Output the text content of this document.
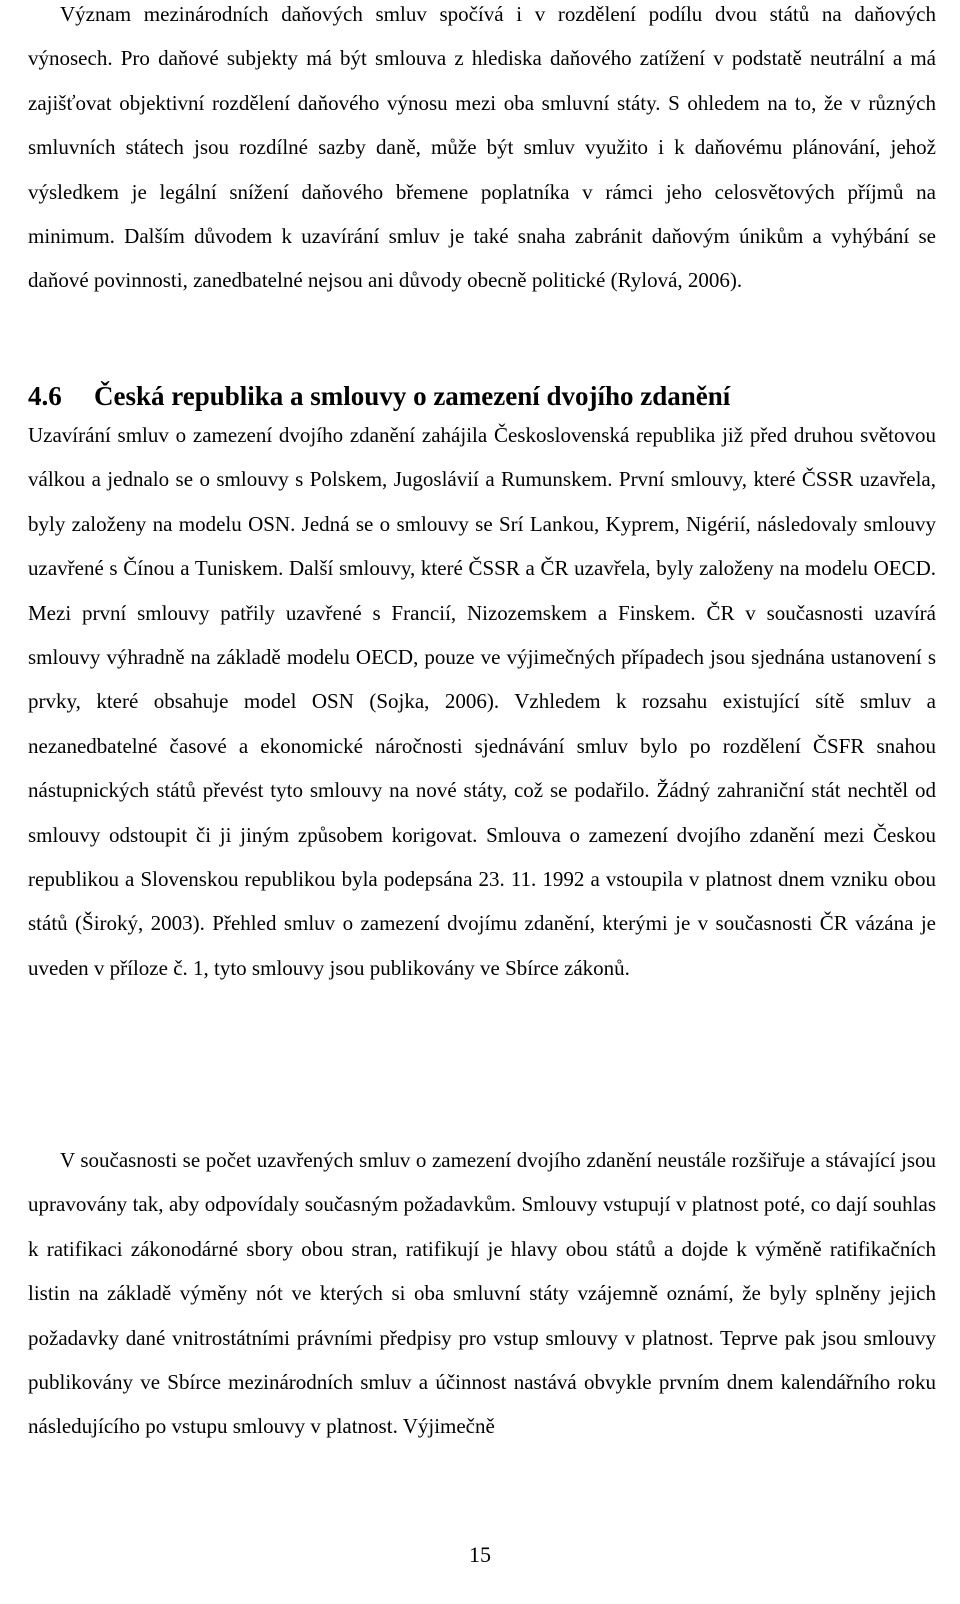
Význam mezinárodních daňových smluv spočívá i v rozdělení podílu dvou států na daňových výnosech. Pro daňové subjekty má být smlouva z hlediska daňového zatížení v podstatě neutrální a má zajišťovat objektivní rozdělení daňového výnosu mezi oba smluvní státy. S ohledem na to, že v různých smluvních státech jsou rozdílné sazby daně, může být smluv využito i k daňovému plánování, jehož výsledkem je legální snížení daňového břemene poplatníka v rámci jeho celosvětových příjmů na minimum. Dalším důvodem k uzavírání smluv je také snaha zabránit daňovým únikům a vyhýbání se daňové povinnosti, zanedbatelné nejsou ani důvody obecně politické (Rylová, 2006).

4.6 Česká republika a smlouvy o zamezení dvojího zdanění

Uzavírání smluv o zamezení dvojího zdanění zahájila Československá republika již před druhou světovou válkou a jednalo se o smlouvy s Polskem, Jugoslávií a Rumunskem. První smlouvy, které ČSSR uzavřela, byly založeny na modelu OSN. Jedná se o smlouvy se Srí Lankou, Kyprem, Nigérií, následovaly smlouvy uzavřené s Čínou a Tuniskem. Další smlouvy, které ČSSR a ČR uzavřela, byly založeny na modelu OECD. Mezi první smlouvy patřily uzavřené s Francií, Nizozemskem a Finskem. ČR v současnosti uzavírá smlouvy výhradně na základě modelu OECD, pouze ve výjimečných případech jsou sjednána ustanovení s prvky, které obsahuje model OSN (Sojka, 2006). Vzhledem k rozsahu existující sítě smluv a nezanedbatelné časové a ekonomické náročnosti sjednávání smluv bylo po rozdělení ČSFR snahou nástupnických států převést tyto smlouvy na nové státy, což se podařilo. Žádný zahraniční stát nechtěl od smlouvy odstoupit či ji jiným způsobem korigovat. Smlouva o zamezení dvojího zdanění mezi Českou republikou a Slovenskou republikou byla podepsána 23. 11. 1992 a vstoupila v platnost dnem vzniku obou států (Široký, 2003). Přehled smluv o zamezení dvojímu zdanění, kterými je v současnosti ČR vázána je uveden v příloze č. 1, tyto smlouvy jsou publikovány ve Sbírce zákonů.

V současnosti se počet uzavřených smluv o zamezení dvojího zdanění neustále rozšiřuje a stávající jsou upravovány tak, aby odpovídaly současným požadavkům. Smlouvy vstupují v platnost poté, co dají souhlas k ratifikaci zákonodárné sbory obou stran, ratifikují je hlavy obou států a dojde k výměně ratifikačních listin na základě výměny nót ve kterých si oba smluvní státy vzájemně oznámí, že byly splněny jejich požadavky dané vnitrostátními právními předpisy pro vstup smlouvy v platnost. Teprve pak jsou smlouvy publikovány ve Sbírce mezinárodních smluv a účinnost nastává obvykle prvním dnem kalendářního roku následujícího po vstupu smlouvy v platnost. Výjimečně

15
